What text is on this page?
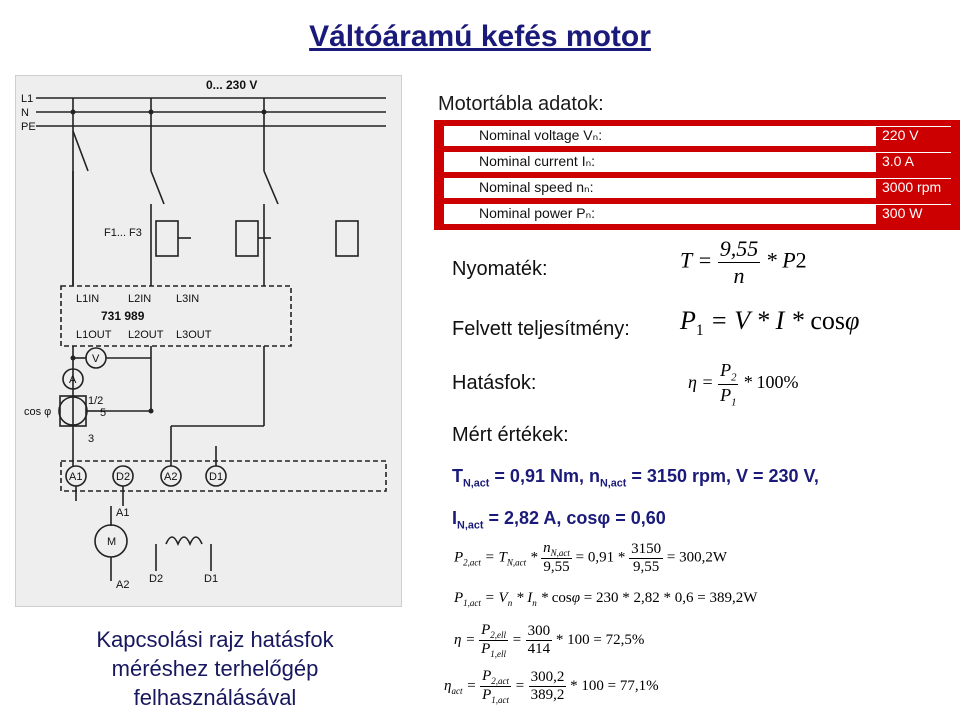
Váltóáramú kefés motor
0... 230 V
L1
N
PE
F1... F3
L1IN	L2IN L3IN
731 989
L1OUT L2OUT L3OUT
V
A
cos φ
1/2
5
3
A1	D2	A2	D1
M
A1
A2 D2	D1
Kapcsolási rajz hatásfok
méréshez terhelőgép
felhasználásával
Motortábla adatok:
Nominal voltage Vₙ:	220 V
Nominal current Iₙ:	3.0 A
Nominal speed nₙ:	3000 rpm
Nominal power Pₙ:	300 W
Nyomaték:
Felvett teljesítmény:
Hatásfok:
Mért értékek:
$T = \frac{9,55}{n} * P2$
$P_1 = V * I * \cos\varphi$
$\eta = \frac{P_2}{P_1} * 100\%$
$T_{N,act} = 0,91$ Nm, $n_{N,act} = 3150$ rpm, V = 230 V,
$I_{N,act} = 2,82$ A, cosφ = 0,60
$P_{2,act} = T_{N,act} * \frac{n_{N,act}}{9,55} = 0,91 * \frac{3150}{9,55} = 300,2W$
$P_{1,act} = V_n * I_n * \cos\varphi = 230 * 2,82 * 0,6 = 389,2W$
$\eta = \frac{P_{2,ell}}{P_{1,ell}} = \frac{300}{414} * 100 = 72,5\%$
$\eta_{act} = \frac{P_{2,act}}{P_{1,act}} = \frac{300,2}{389,2} * 100 = 77,1\%$
